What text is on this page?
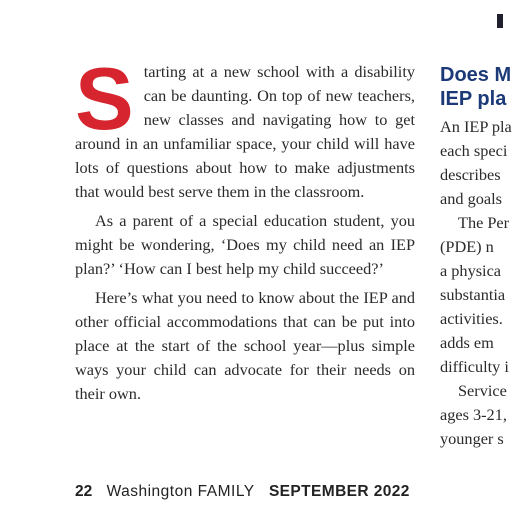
Starting at a new school with a disability can be daunting. On top of new teachers, new classes and navigating how to get around in an unfamiliar space, your child will have lots of questions about how to make adjustments that would best serve them in the classroom.

As a parent of a special education student, you might be wondering, ‘Does my child need an IEP plan?’ ‘How can I best help my child succeed?’

Here’s what you need to know about the IEP and other official accommodations that can be put into place at the start of the school year—plus simple ways your child can advocate for their needs on their own.

Does M
IEP pla
An IEP pla
each speci
describes
and goals
The Per
(PDE) n
a physica
substantia
activities.
adds em
difficulty i
Service
ages 3-21,
younger s
22 Washington FAMILY SEPTEMBER 2022
